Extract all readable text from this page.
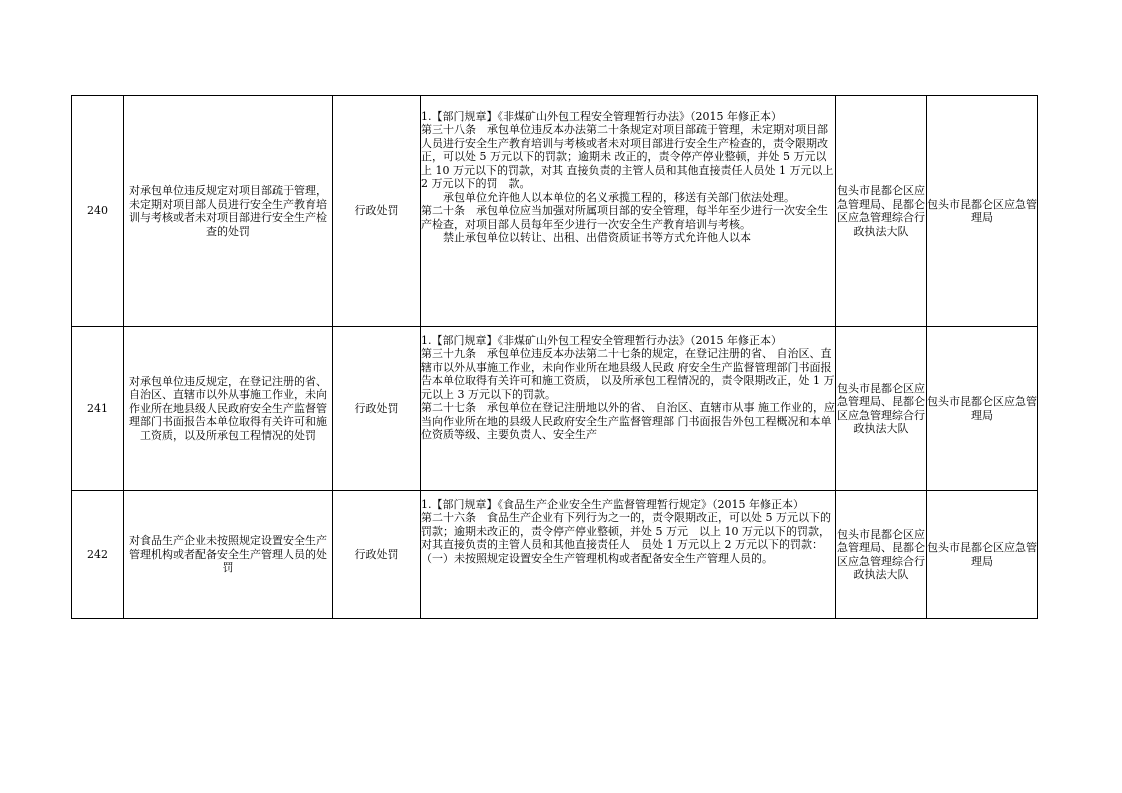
240	对承包单位违反规定对项目部疏于管理，未定期对项目部人员进行安全生产教育培训与考核或者未对项目部进行安全生产检查的处罚	行政处罚	1.【部门规章】《非煤矿山外包工程安全管理暂行办法》（2015 年修正本）
第三十八条　承包单位违反本办法第二十条规定对项目部疏于管理，未定期对项目部人员进行安全生产教育培训与考核或者未对项目部进行安全生产检查的，责令限期改正，可以处 5 万元以下的罚款；逾期未 改正的，责令停产停业整顿，并处 5 万元以上 10 万元以下的罚款，对其 直接负责的主管人员和其他直接责任人员处 1 万元以上 2 万元以下的罚　款。
承包单位允许他人以本单位的名义承揽工程的，移送有关部门依法处理。
第二十条　承包单位应当加强对所属项目部的安全管理，每半年至少进行一次安全生产检查，对项目部人员每年至少进行一次安全生产教育培训与考核。
禁止承包单位以转让、出租、出借资质证书等方式允许他人以本	包头市昆都仑区应急管理局、昆都仑区应急管理综合行政执法大队	包头市昆都仑区应急管理局
241	对承包单位违反规定，在登记注册的省、 自治区、直辖市以外从事施工作业，未向作业所在地县级人民政府安全生产监督管理部门书面报告本单位取得有关许可和施工资质，以及所承包工程情况的处罚	行政处罚	1.【部门规章】《非煤矿山外包工程安全管理暂行办法》（2015 年修正本）
第三十九条　承包单位违反本办法第二十七条的规定，在登记注册的省、 自治区、直辖市以外从事施工作业，未向作业所在地县级人民政 府安全生产监督管理部门书面报告本单位取得有关许可和施工资质， 以及所承包工程情况的，责令限期改正，处 1 万元以上 3 万元以下的罚款。
第二十七条　承包单位在登记注册地以外的省、 自治区、直辖市从事 施工作业的，应当向作业所在地的县级人民政府安全生产监督管理部 门书面报告外包工程概况和本单位资质等级、主要负责人、安全生产	包头市昆都仑区应急管理局、昆都仑区应急管理综合行政执法大队	包头市昆都仑区应急管理局
242	对食品生产企业未按照规定设置安全生产管理机构或者配备安全生产管理人员的处罚	行政处罚	1.【部门规章】《食品生产企业安全生产监督管理暂行规定》（2015 年修正本）
第二十六条　食品生产企业有下列行为之一的，责令限期改正，可以处 5 万元以下的罚款；逾期未改正的，责令停产停业整顿，并处 5 万元　以上 10 万元以下的罚款，对其直接负责的主管人员和其他直接责任人　员处 1 万元以上 2 万元以下的罚款：
（一）未按照规定设置安全生产管理机构或者配备安全生产管理人员的。	包头市昆都仑区应急管理局、昆都仑区应急管理综合行政执法大队	包头市昆都仑区应急管理局
